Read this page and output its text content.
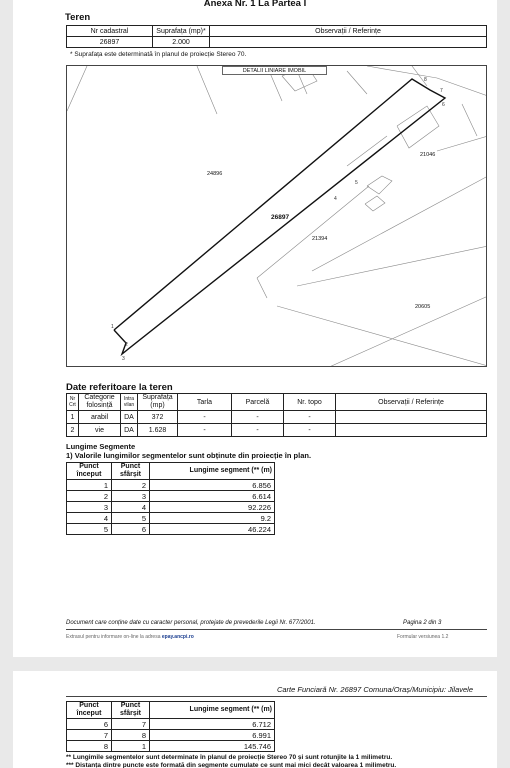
Anexa Nr. 1 La Partea I
Teren
Nr cadastral	Suprafața (mp)*	Observații / Referințe
26897	2.000	
* Suprafața este determinată în planul de proiecție Stereo 70.
1
2
3
4
5
6
7
8
DETALII LINIARE IMOBIL
24896
26897
21394
21046
20605
Date referitoare la teren
Nr Crt	Categorie folosință	Intra vilan	Suprafața (mp)	Tarla	Parcelă	Nr. topo	Observații / Referințe
1	arabil	DA	372	-	-	-	
2	vie	DA	1.628	-	-	-	
Lungime Segmente
1) Valorile lungimilor segmentelor sunt obținute din proiecție în plan.
Punct început	Punct sfârșit	Lungime segment (** (m)
1	2	6.856
2	3	6.614
3	4	92.226
4	5	9.2
5	6	46.224
Document care conține date cu caracter personal, protejate de prevederile Legii Nr. 677/2001.	Pagina 2 din 3
Extrasul pentru informare on-line la adresa epay.ancpi.ro	Formular versiunea 1.2
Carte Funciară Nr. 26897 Comuna/Oraș/Municipiu: Jilavele
Punct început	Punct sfârșit	Lungime segment (** (m)
6	7	6.712
7	8	6.991
8	1	145.746
** Lungimile segmentelor sunt determinate în planul de proiecție Stereo 70 și sunt rotunjite la 1 milimetru.
*** Distanța dintre puncte este formată din segmente cumulate ce sunt mai mici decât valoarea 1 milimetru.
